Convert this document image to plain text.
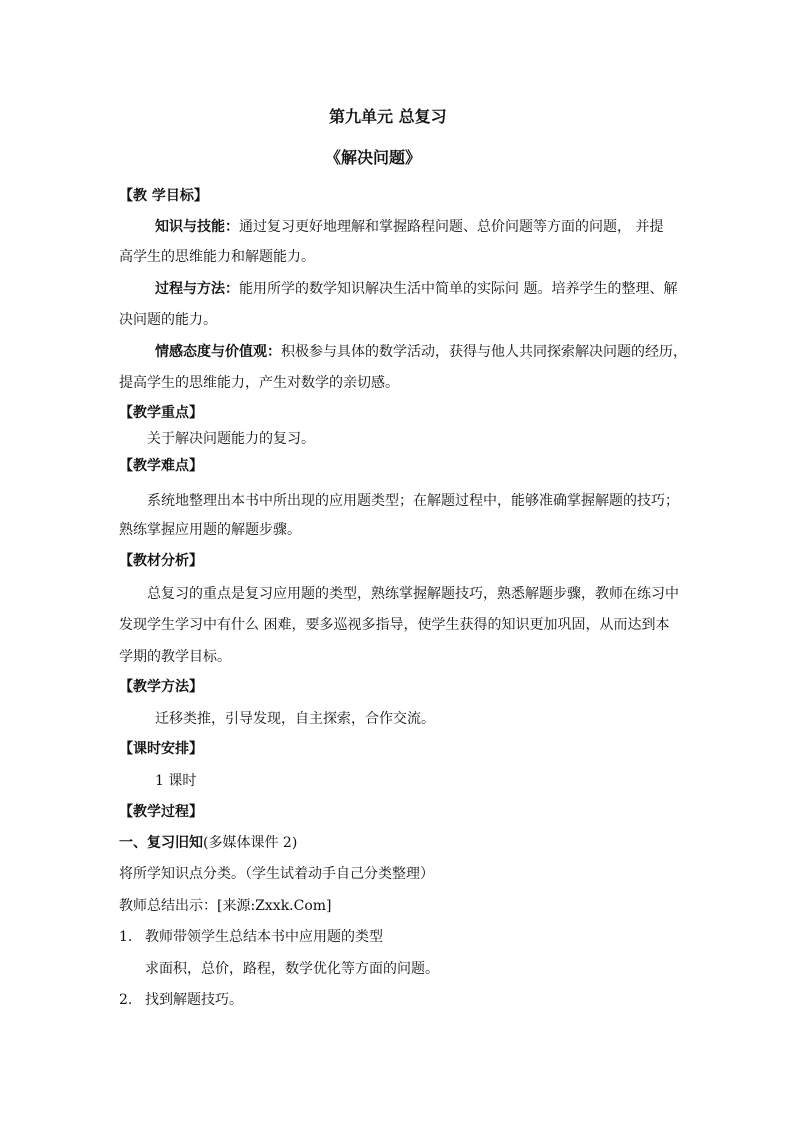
第九单元 总复习
《解决问题》
【教 学目标】
知识与技能：通过复习更好地理解和掌握路程问题、总价问题等方面的问题， 并提
高学生的思维能力和解题能力。
过程与方法：能用所学的数学知识解决生活中简单的实际问 题。培养学生的整理、解
决问题的能力。
情感态度与价值观：积极参与具体的数学活动，获得与他人共同探索解决问题的经历，
提高学生的思维能力，产生对数学的亲切感。
【教学重点】
关于解决问题能力的复习。
【教学难点】
系统地整理出本书中所出现的应用题类型；在解题过程中，能够准确掌握解题的技巧；
熟练掌握应用题的解题步骤。
【教材分析】
总复习的重点是复习应用题的类型，熟练掌握解题技巧，熟悉解题步骤，教师在练习中
发现学生学习中有什么 困难，要多巡视多指导，使学生获得的知识更加巩固，从而达到本
学期的教学目标。
【教学方法】
迁移类推，引导发现，自主探索，合作交流。
【课时安排】
1 课时
【教学过程】
一、复习旧知(多媒体课件 2)
将所学知识点分类。（学生试着动手自己分类整理）
教师总结出示：[来源:Zxxk.Com]
1. 教师带领学生总结本书中应用题的类型
求面积，总价，路程，数学优化等方面的问题。
2. 找到解题技巧。
